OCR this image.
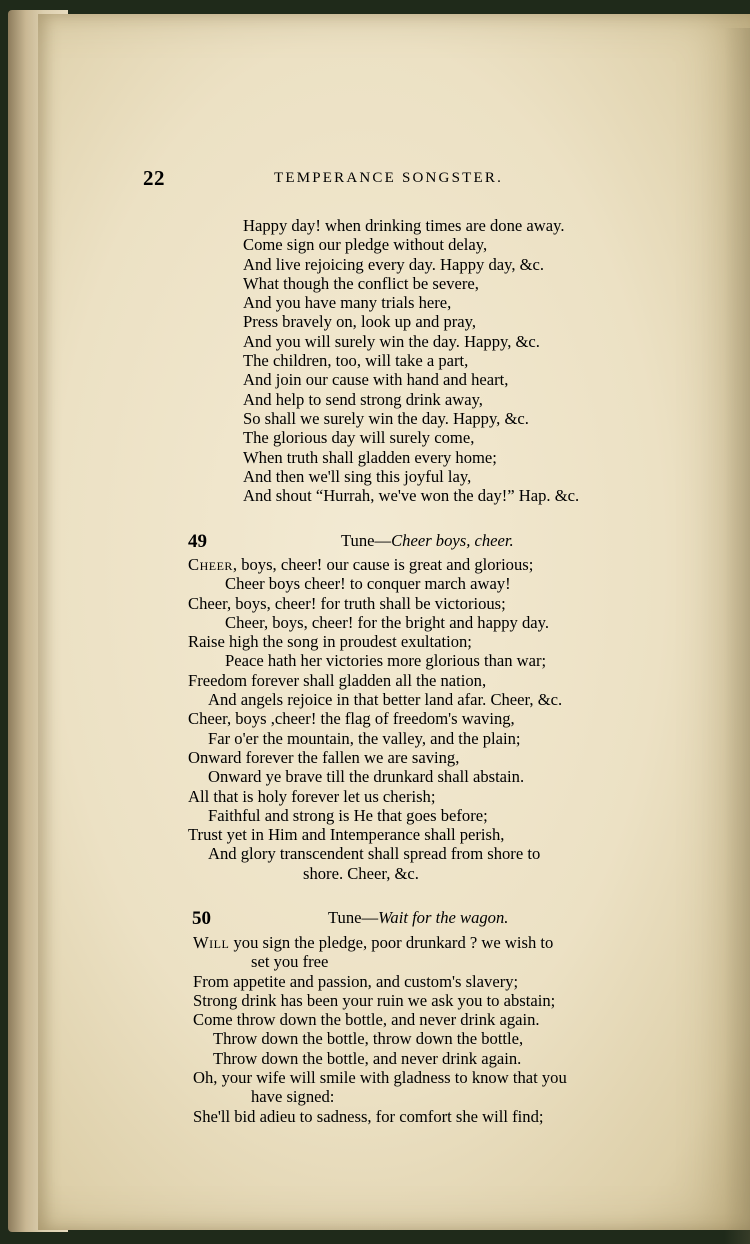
22	TEMPERANCE SONGSTER.
Happy day! when drinking times are done away.
Come sign our pledge without delay,
And live rejoicing every day. Happy day, &c.
What though the conflict be severe,
And you have many trials here,
Press bravely on, look up and pray,
And you will surely win the day. Happy, &c.
The children, too, will take a part,
And join our cause with hand and heart,
And help to send strong drink away,
So shall we surely win the day. Happy, &c.
The glorious day will surely come,
When truth shall gladden every home;
And then we'll sing this joyful lay,
And shout “Hurrah, we've won the day!” Hap. &c.
49	Tune—Cheer boys, cheer.
Cheer, boys, cheer! our cause is great and glorious;
Cheer boys cheer! to conquer march away!
Cheer, boys, cheer! for truth shall be victorious;
Cheer, boys, cheer! for the bright and happy day.
Raise high the song in proudest exultation;
Peace hath her victories more glorious than war;
Freedom forever shall gladden all the nation,
And angels rejoice in that better land afar. Cheer, &c.
Cheer, boys ,cheer! the flag of freedom's waving,
Far o'er the mountain, the valley, and the plain;
Onward forever the fallen we are saving,
Onward ye brave till the drunkard shall abstain.
All that is holy forever let us cherish;
Faithful and strong is He that goes before;
Trust yet in Him and Intemperance shall perish,
And glory transcendent shall spread from shore to
shore. Cheer, &c.
50	Tune—Wait for the wagon.
Will you sign the pledge, poor drunkard ? we wish to
set you free
From appetite and passion, and custom's slavery;
Strong drink has been your ruin we ask you to abstain;
Come throw down the bottle, and never drink again.
Throw down the bottle, throw down the bottle,
Throw down the bottle, and never drink again.
Oh, your wife will smile with gladness to know that you
have signed:
She'll bid adieu to sadness, for comfort she will find;
